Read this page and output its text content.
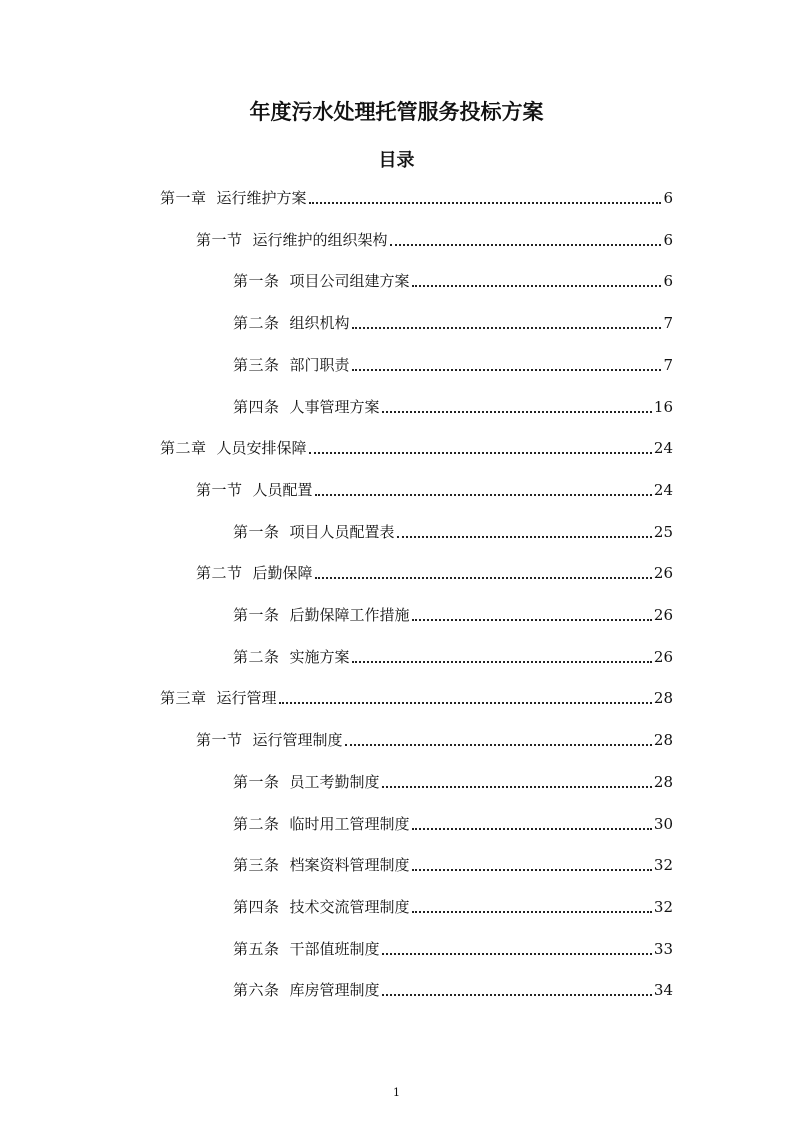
年度污水处理托管服务投标方案
目录
第一章 运行维护方案	6
第一节 运行维护的组织架构	6
第一条 项目公司组建方案	6
第二条 组织机构	7
第三条 部门职责	7
第四条 人事管理方案	16
第二章 人员安排保障	24
第一节 人员配置	24
第一条 项目人员配置表	25
第二节 后勤保障	26
第一条 后勤保障工作措施	26
第二条 实施方案	26
第三章 运行管理	28
第一节 运行管理制度	28
第一条 员工考勤制度	28
第二条 临时用工管理制度	30
第三条 档案资料管理制度	32
第四条 技术交流管理制度	32
第五条 干部值班制度	33
第六条 库房管理制度	34
1
